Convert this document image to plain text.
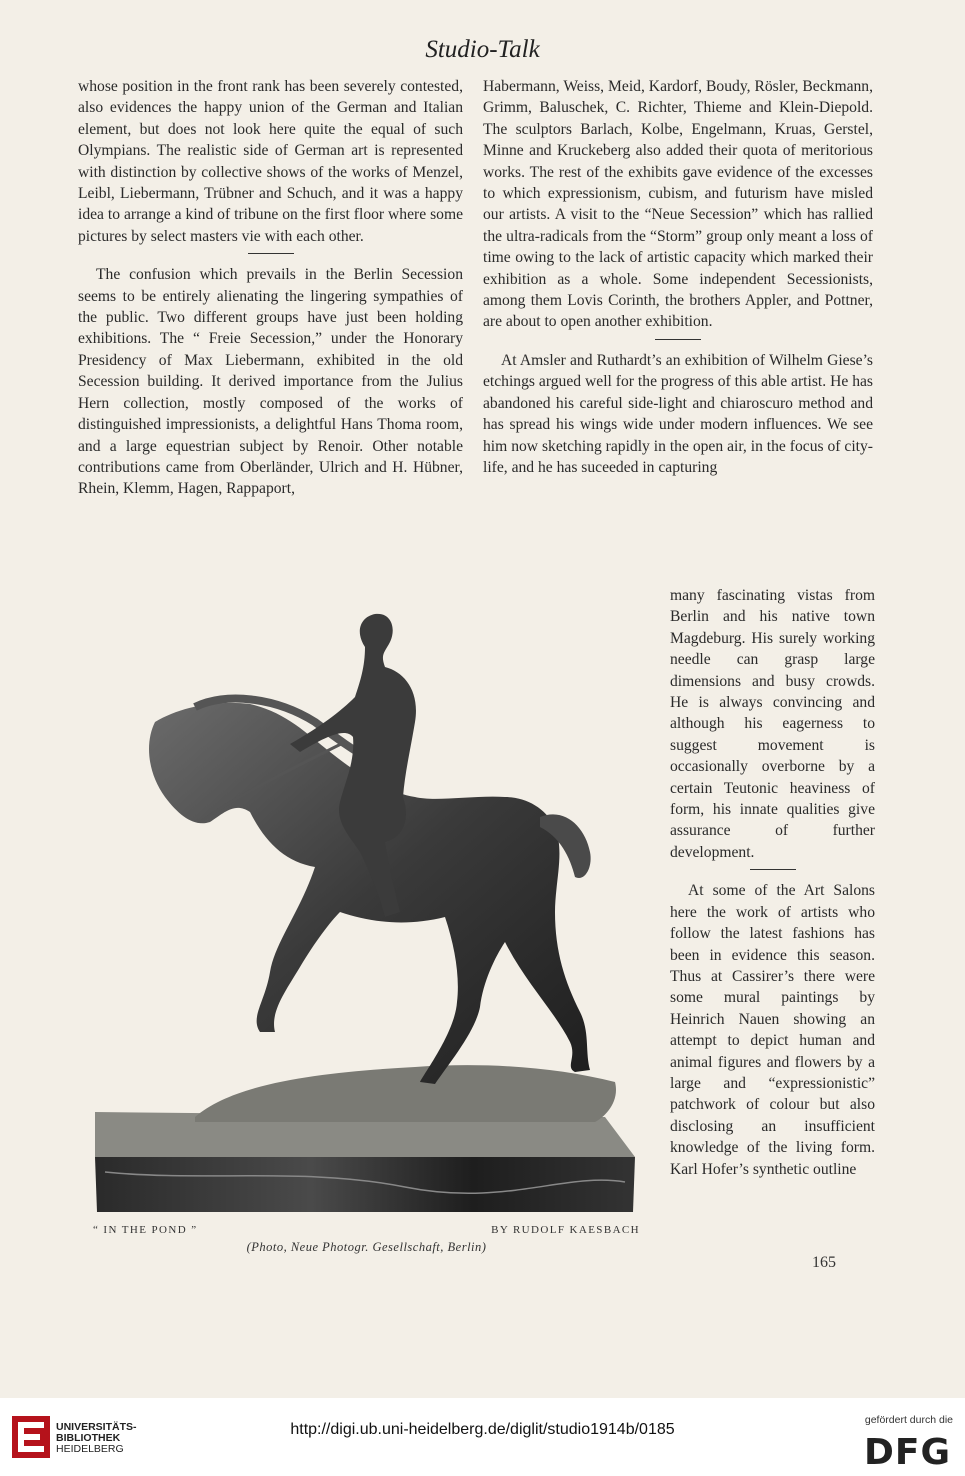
Studio-Talk

whose position in the front rank has been severely contested, also evidences the happy union of the German and Italian element, but does not look here quite the equal of such Olympians. The realistic side of German art is represented with distinction by collective shows of the works of Menzel, Leibl, Liebermann, Trübner and Schuch, and it was a happy idea to arrange a kind of tribune on the first floor where some pictures by select masters vie with each other.

The confusion which prevails in the Berlin Secession seems to be entirely alienating the lingering sympathies of the public. Two different groups have just been holding exhibitions. The “ Freie Secession,” under the Honorary Presidency of Max Liebermann, exhibited in the old Secession building. It derived importance from the Julius Hern collection, mostly composed of the works of distinguished impressionists, a delightful Hans Thoma room, and a large equestrian subject by Renoir. Other notable contributions came from Oberländer, Ulrich and H. Hübner, Rhein, Klemm, Hagen, Rappaport,

Habermann, Weiss, Meid, Kardorf, Boudy, Rösler, Beckmann, Grimm, Baluschek, C. Richter, Thieme and Klein-Diepold. The sculptors Barlach, Kolbe, Engelmann, Kruas, Gerstel, Minne and Kruckeberg also added their quota of meritorious works. The rest of the exhibits gave evidence of the excesses to which expressionism, cubism, and futurism have misled our artists. A visit to the “Neue Secession” which has rallied the ultra-radicals from the “Storm” group only meant a loss of time owing to the lack of artistic capacity which marked their exhibition as a whole. Some independent Secessionists, among them Lovis Corinth, the brothers Appler, and Pottner, are about to open another exhibition.

At Amsler and Ruthardt’s an exhibition of Wilhelm Giese’s etchings argued well for the progress of this able artist. He has abandoned his careful side-light and chiaroscuro method and has spread his wings wide under modern influences. We see him now sketching rapidly in the open air, in the focus of city-life, and he has suceeded in capturing

many fascinating vistas from Berlin and his native town Magdeburg. His surely working needle can grasp large dimensions and busy crowds. He is always convincing and although his eagerness to suggest movement is occasionally overborne by a certain Teutonic heaviness of form, his innate qualities give assurance of further development.

At some of the Art Salons here the work of artists who follow the latest fashions has been in evidence this season. Thus at Cassirer’s there were some mural paintings by Heinrich Nauen showing an attempt to depict human and animal figures and flowers by a large and “expressionistic” patchwork of colour but also disclosing an insufficient knowledge of the living form. Karl Hofer’s synthetic outline

“ IN THE POND ”	BY RUDOLF KAESBACH
(Photo, Neue Photogr. Gesellschaft, Berlin)
165
UNIVERSITÄTS-
BIBLIOTHEK
HEIDELBERG
http://digi.ub.uni-heidelberg.de/diglit/studio1914b/0185
gefördert durch die
DFG
